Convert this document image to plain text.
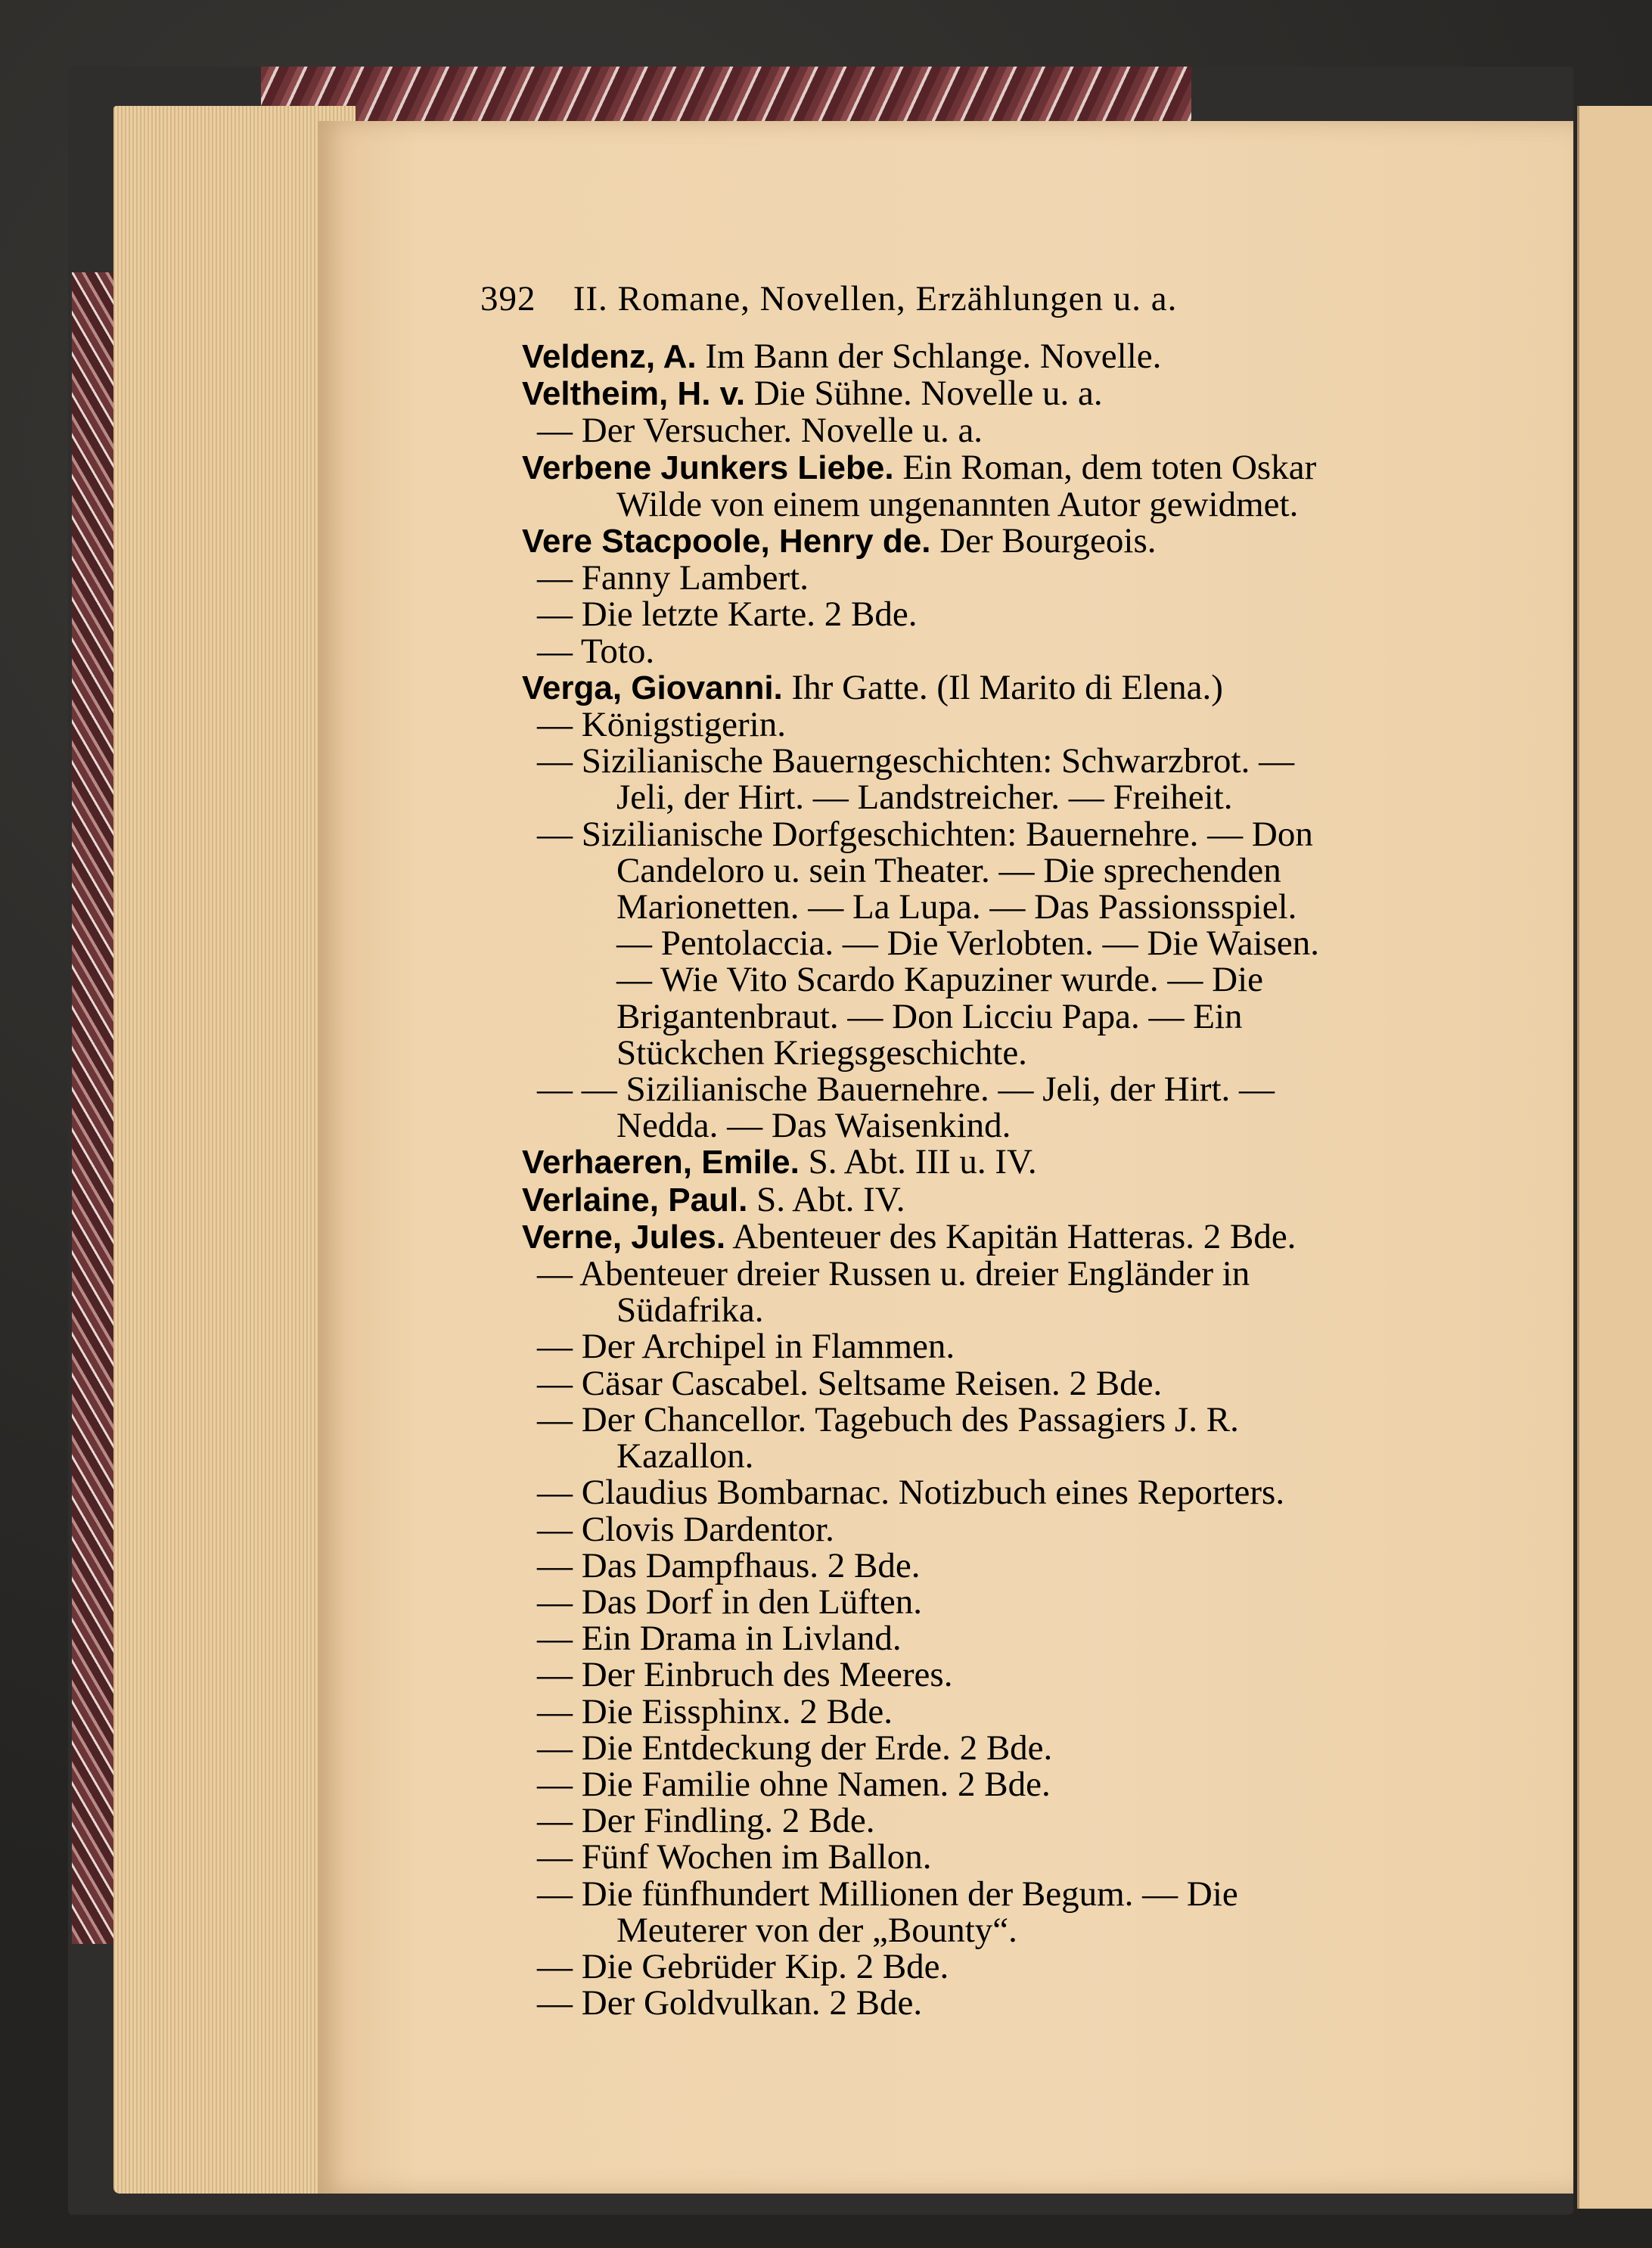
392 II. Romane, Novellen, Erzählungen u. a.
Veldenz, A. Im Bann der Schlange. Novelle.
Veltheim, H. v. Die Sühne. Novelle u. a.
— Der Versucher. Novelle u. a.
Verbene Junkers Liebe. Ein Roman, dem toten Oskar
Wilde von einem ungenannten Autor gewidmet.
Vere Stacpoole, Henry de. Der Bourgeois.
— Fanny Lambert.
— Die letzte Karte. 2 Bde.
— Toto.
Verga, Giovanni. Ihr Gatte. (Il Marito di Elena.)
— Königstigerin.
— Sizilianische Bauerngeschichten: Schwarzbrot. —
Jeli, der Hirt. — Landstreicher. — Freiheit.
— Sizilianische Dorfgeschichten: Bauernehre. — Don
Candeloro u. sein Theater. — Die sprechenden
Marionetten. — La Lupa. — Das Passionsspiel.
— Pentolaccia. — Die Verlobten. — Die Waisen.
— Wie Vito Scardo Kapuziner wurde. — Die
Brigantenbraut. — Don Licciu Papa. — Ein
Stückchen Kriegsgeschichte.
— — Sizilianische Bauernehre. — Jeli, der Hirt. —
Nedda. — Das Waisenkind.
Verhaeren, Emile. S. Abt. III u. IV.
Verlaine, Paul. S. Abt. IV.
Verne, Jules. Abenteuer des Kapitän Hatteras. 2 Bde.
— Abenteuer dreier Russen u. dreier Engländer in
Südafrika.
— Der Archipel in Flammen.
— Cäsar Cascabel. Seltsame Reisen. 2 Bde.
— Der Chancellor. Tagebuch des Passagiers J. R.
Kazallon.
— Claudius Bombarnac. Notizbuch eines Reporters.
— Clovis Dardentor.
— Das Dampfhaus. 2 Bde.
— Das Dorf in den Lüften.
— Ein Drama in Livland.
— Der Einbruch des Meeres.
— Die Eissphinx. 2 Bde.
— Die Entdeckung der Erde. 2 Bde.
— Die Familie ohne Namen. 2 Bde.
— Der Findling. 2 Bde.
— Fünf Wochen im Ballon.
— Die fünfhundert Millionen der Begum. — Die
Meuterer von der „Bounty“.
— Die Gebrüder Kip. 2 Bde.
— Der Goldvulkan. 2 Bde.
